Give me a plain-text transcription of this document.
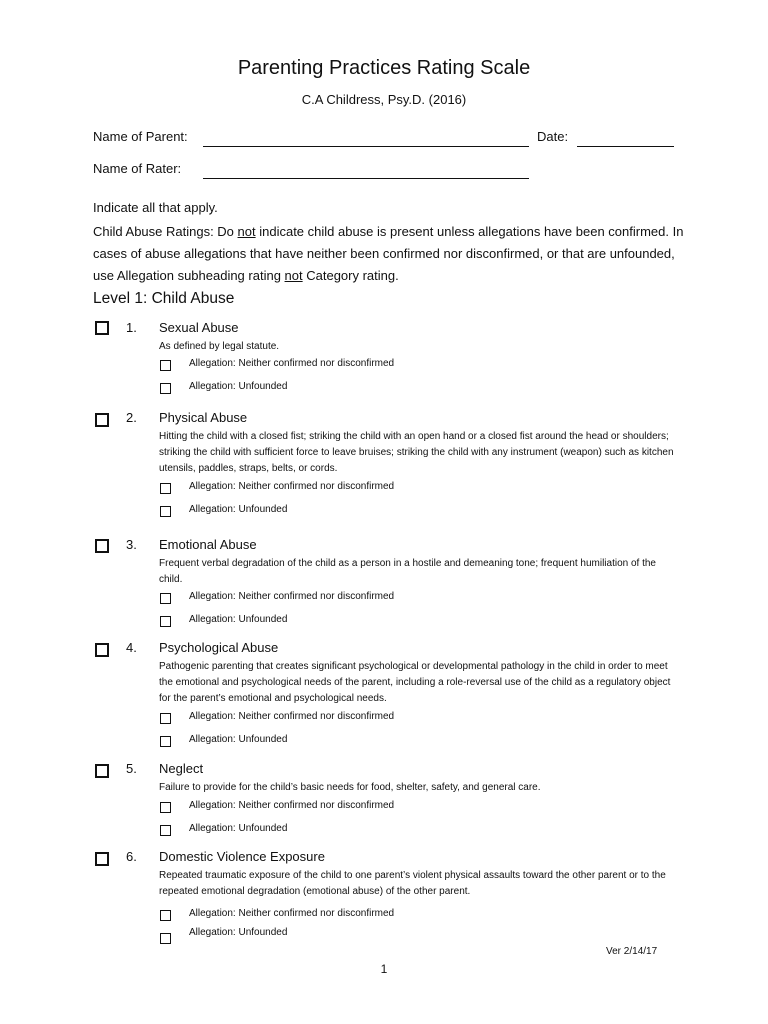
Parenting Practices Rating Scale
C.A Childress, Psy.D. (2016)
Name of Parent:	Date:
Name of Rater:
Indicate all that apply.

Child Abuse Ratings: Do not indicate child abuse is present unless allegations have been confirmed. In cases of abuse allegations that have neither been confirmed nor disconfirmed, or that are unfounded, use Allegation subheading rating not Category rating.

Level 1: Child Abuse
1. Sexual Abuse
As defined by legal statute.
Allegation: Neither confirmed nor disconfirmed
Allegation: Unfounded
2. Physical Abuse
Hitting the child with a closed fist; striking the child with an open hand or a closed fist around the head or shoulders; striking the child with sufficient force to leave bruises; striking the child with any instrument (weapon) such as kitchen utensils, paddles, straps, belts, or cords.
Allegation: Neither confirmed nor disconfirmed
Allegation: Unfounded
3. Emotional Abuse
Frequent verbal degradation of the child as a person in a hostile and demeaning tone; frequent humiliation of the child.
Allegation: Neither confirmed nor disconfirmed
Allegation: Unfounded
4. Psychological Abuse
Pathogenic parenting that creates significant psychological or developmental pathology in the child in order to meet the emotional and psychological needs of the parent, including a role-reversal use of the child as a regulatory object for the parent’s emotional and psychological needs.
Allegation: Neither confirmed nor disconfirmed
Allegation: Unfounded
5. Neglect
Failure to provide for the child’s basic needs for food, shelter, safety, and general care.
Allegation: Neither confirmed nor disconfirmed
Allegation: Unfounded
6. Domestic Violence Exposure
Repeated traumatic exposure of the child to one parent’s violent physical assaults toward the other parent or to the repeated emotional degradation (emotional abuse) of the other parent.
Allegation: Neither confirmed nor disconfirmed
Allegation: Unfounded
Ver 2/14/17
1
